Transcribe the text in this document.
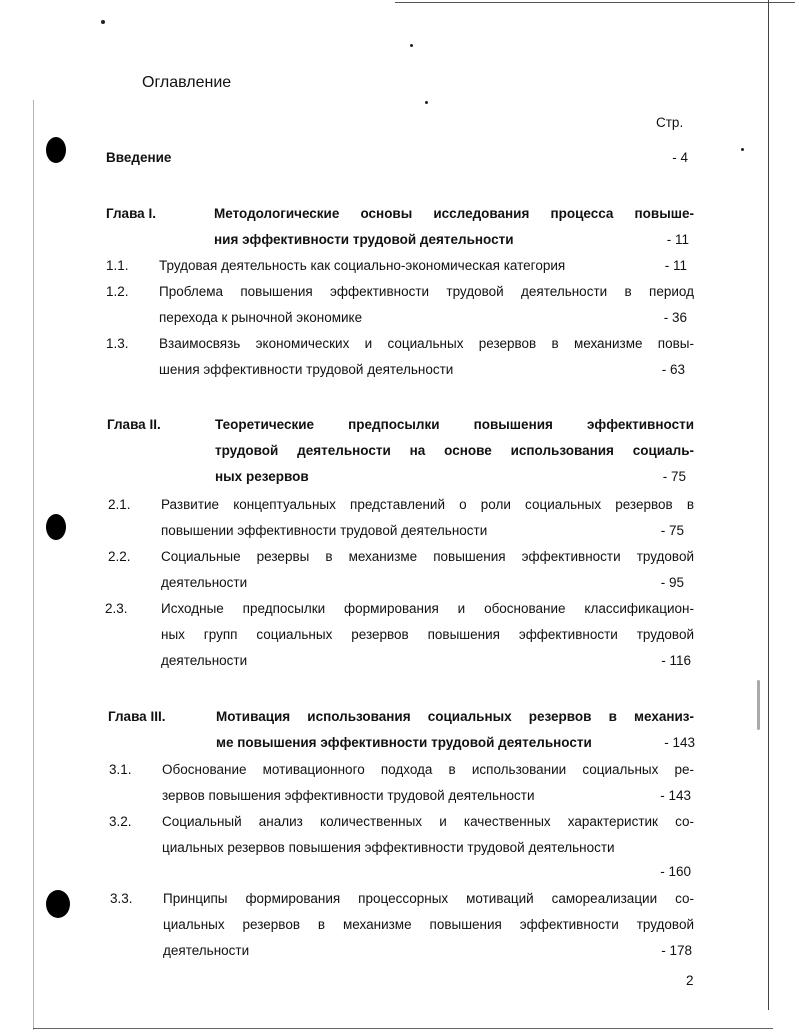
Оглавление
Стр.
Введение	- 4
Глава I.	Методологические основы исследования процесса повыше-
ния эффективности трудовой деятельности	- 11
1.1. Трудовая деятельность как социально-экономическая категория	- 11
1.2. Проблема повышения эффективности трудовой деятельности в период
перехода к рыночной экономике	- 36
1.3. Взаимосвязь экономических и социальных резервов в механизме повы-
шения эффективности трудовой деятельности	- 63
Глава II.	Теоретические предпосылки повышения эффективности
трудовой деятельности на основе использования социаль-
ных резервов	- 75
2.1. Развитие концептуальных представлений о роли социальных резервов в
повышении эффективности трудовой деятельности	- 75
2.2. Социальные резервы в механизме повышения эффективности трудовой
деятельности	- 95
2.3. Исходные предпосылки формирования и обоснование классификацион-
ных групп социальных резервов повышения эффективности трудовой
деятельности	- 116
Глава III.	Мотивация использования социальных резервов в механиз-
ме повышения эффективности трудовой деятельности	- 143
3.1. Обоснование мотивационного подхода в использовании социальных ре-
зервов повышения эффективности трудовой деятельности	- 143
3.2. Социальный анализ количественных и качественных характеристик со-
циальных резервов повышения эффективности трудовой деятельности
- 160
3.3. Принципы формирования процессорных мотиваций самореализации со-
циальных резервов в механизме повышения эффективности трудовой
деятельности	- 178
2
